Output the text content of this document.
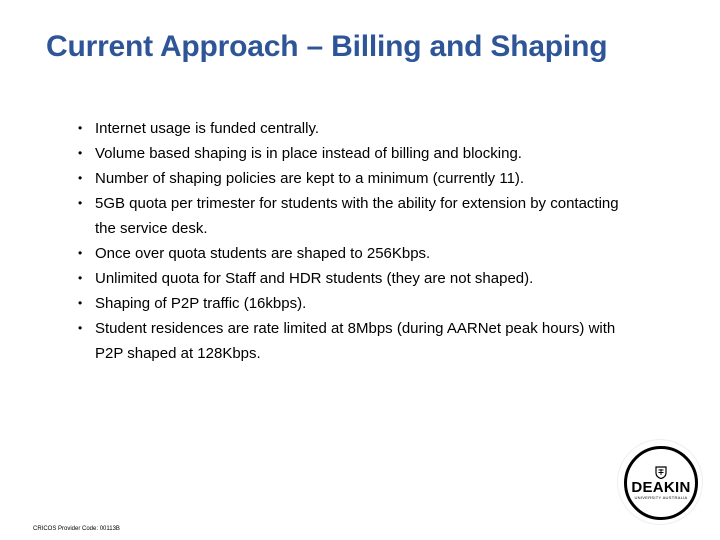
Current Approach – Billing and Shaping
• Internet usage is funded centrally.
• Volume based shaping is in place instead of billing and blocking.
• Number of shaping policies are kept to a minimum (currently 11).
• 5GB quota per trimester for students with the ability for extension by contacting the service desk.
• Once over quota students are shaped to 256Kbps.
• Unlimited quota for Staff and HDR students (they are not shaped).
• Shaping of P2P traffic (16kbps).
• Student residences are rate limited at 8Mbps (during AARNet peak hours) with P2P shaped at 128Kbps.
DEAKIN
UNIVERSITY AUSTRALIA
CRICOS Provider Code: 00113B
